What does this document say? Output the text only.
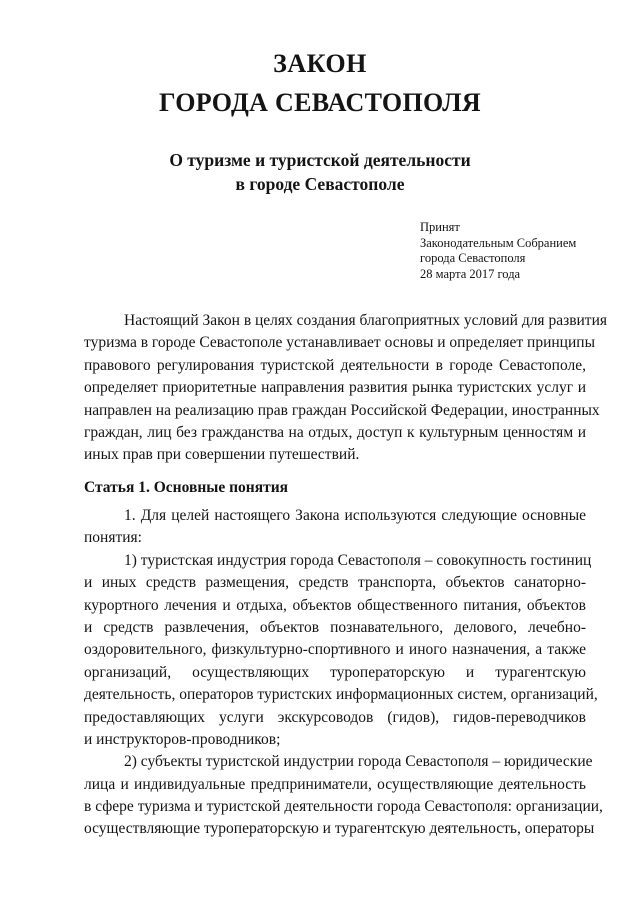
ЗАКОН
ГОРОДА СЕВАСТОПОЛЯ
О туризме и туристской деятельности
в городе Севастополе
Принят
Законодательным Собранием
города Севастополя
28 марта 2017 года
Настоящий Закон в целях создания благоприятных условий для развития
туризма в городе Севастополе устанавливает основы и определяет принципы
правового регулирования туристской деятельности в городе Севастополе,
определяет приоритетные направления развития рынка туристских услуг и
направлен на реализацию прав граждан Российской Федерации, иностранных
граждан, лиц без гражданства на отдых, доступ к культурным ценностям и
иных прав при совершении путешествий.
Статья 1. Основные понятия
1. Для целей настоящего Закона используются следующие основные
понятия:
1) туристская индустрия города Севастополя – совокупность гостиниц
и иных средств размещения, средств транспорта, объектов санаторно-
курортного лечения и отдыха, объектов общественного питания, объектов
и средств развлечения, объектов познавательного, делового, лечебно-
оздоровительного, физкультурно-спортивного и иного назначения, а также
организаций, осуществляющих туроператорскую и турагентскую
деятельность, операторов туристских информационных систем, организаций,
предоставляющих услуги экскурсоводов (гидов), гидов-переводчиков
и инструкторов-проводников;
2) субъекты туристской индустрии города Севастополя – юридические
лица и индивидуальные предприниматели, осуществляющие деятельность
в сфере туризма и туристской деятельности города Севастополя: организации,
осуществляющие туроператорскую и турагентскую деятельность, операторы
